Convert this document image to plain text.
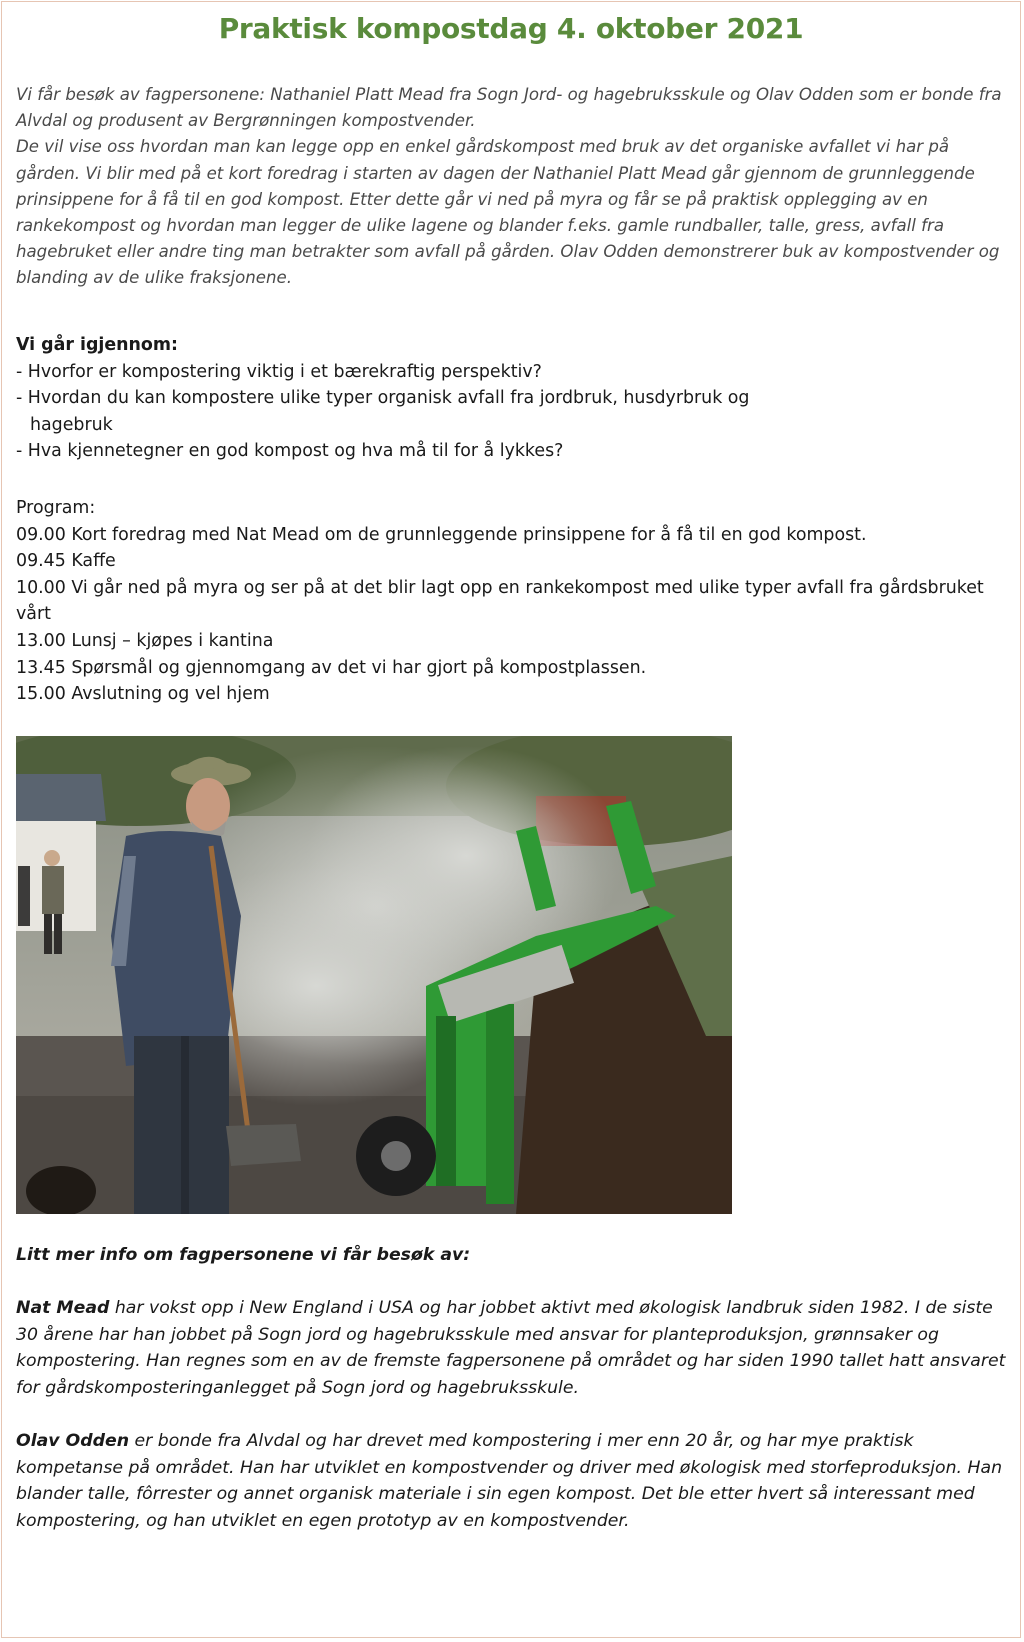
Praktisk kompostdag 4. oktober 2021

Vi får besøk av fagpersonene: Nathaniel Platt Mead fra Sogn Jord- og hagebruksskule og Olav Odden som er bonde fra Alvdal og produsent av Bergrønningen kompostvender.

De vil vise oss hvordan man kan legge opp en enkel gårdskompost med bruk av det organiske avfallet vi har på gården. Vi blir med på et kort foredrag i starten av dagen der Nathaniel Platt Mead går gjennom de grunnleggende prinsippene for å få til en god kompost. Etter dette går vi ned på myra og får se på praktisk opplegging av en rankekompost og hvordan man legger de ulike lagene og blander f.eks. gamle rundballer, talle, gress, avfall fra hagebruket eller andre ting man betrakter som avfall på gården. Olav Odden demonstrerer buk av kompostvender og blanding av de ulike fraksjonene.

Vi går igjennom:
- Hvorfor er kompostering viktig i et bærekraftig perspektiv?
- Hvordan du kan kompostere ulike typer organisk avfall fra jordbruk, husdyrbruk og
hagebruk
- Hva kjennetegner en god kompost og hva må til for å lykkes?
Program:
09.00 Kort foredrag med Nat Mead om de grunnleggende prinsippene for å få til en god kompost.
09.45 Kaffe
10.00 Vi går ned på myra og ser på at det blir lagt opp en rankekompost med ulike typer avfall fra gårdsbruket vårt
13.00 Lunsj – kjøpes i kantina
13.45 Spørsmål og gjennomgang av det vi har gjort på kompostplassen.
15.00 Avslutning og vel hjem

Litt mer info om fagpersonene vi får besøk av:

Nat Mead har vokst opp i New England i USA og har jobbet aktivt med økologisk landbruk siden 1982. I de siste 30 årene har han jobbet på Sogn jord og hagebruksskule med ansvar for planteproduksjon, grønnsaker og kompostering. Han regnes som en av de fremste fagpersonene på området og har siden 1990 tallet hatt ansvaret for gårdskomposteringanlegget på Sogn jord og hagebruksskule.

Olav Odden er bonde fra Alvdal og har drevet med kompostering i mer enn 20 år, og har mye praktisk kompetanse på området. Han har utviklet en kompostvender og driver med økologisk med storfeproduksjon. Han blander talle, fôrrester og annet organisk materiale i sin egen kompost. Det ble etter hvert så interessant med kompostering, og han utviklet en egen prototyp av en kompostvender.
